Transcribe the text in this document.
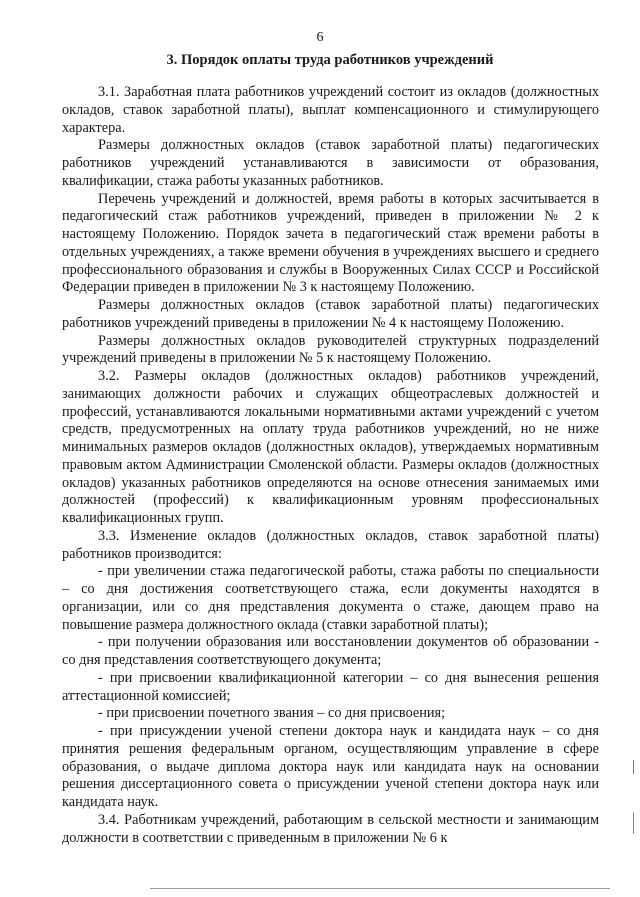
6
3. Порядок оплаты труда работников учреждений

3.1. Заработная плата работников учреждений состоит из окладов (должностных окладов, ставок заработной платы), выплат компенсационного и стимулирующего характера.

Размеры должностных окладов (ставок заработной платы) педагогических работников учреждений устанавливаются в зависимости от образования, квалификации, стажа работы указанных работников.

Перечень учреждений и должностей, время работы в которых засчитывается в педагогический стаж работников учреждений, приведен в приложении № 2 к настоящему Положению. Порядок зачета в педагогический стаж времени работы в отдельных учреждениях, а также времени обучения в учреждениях высшего и среднего профессионального образования и службы в Вооруженных Силах СССР и Российской Федерации приведен в приложении № 3 к настоящему Положению.

Размеры должностных окладов (ставок заработной платы) педагогических работников учреждений приведены в приложении № 4 к настоящему Положению.

Размеры должностных окладов руководителей структурных подразделений учреждений приведены в приложении № 5 к настоящему Положению.

3.2. Размеры окладов (должностных окладов) работников учреждений, занимающих должности рабочих и служащих общеотраслевых должностей и профессий, устанавливаются локальными нормативными актами учреждений с учетом средств, предусмотренных на оплату труда работников учреждений, но не ниже минимальных размеров окладов (должностных окладов), утверждаемых нормативным правовым актом Администрации Смоленской области. Размеры окладов (должностных окладов) указанных работников определяются на основе отнесения занимаемых ими должностей (профессий) к квалификационным уровням профессиональных квалификационных групп.

3.3. Изменение окладов (должностных окладов, ставок заработной платы) работников производится:

- при увеличении стажа педагогической работы, стажа работы по специальности – со дня достижения соответствующего стажа, если документы находятся в организации, или со дня представления документа о стаже, дающем право на повышение размера должностного оклада (ставки заработной платы);

- при получении образования или восстановлении документов об образовании - со дня представления соответствующего документа;

- при присвоении квалификационной категории – со дня вынесения решения аттестационной комиссией;

- при присвоении почетного звания – со дня присвоения;

- при присуждении ученой степени доктора наук и кандидата наук – со дня принятия решения федеральным органом, осуществляющим управление в сфере образования, о выдаче диплома доктора наук или кандидата наук на основании решения диссертационного совета о присуждении ученой степени доктора наук или кандидата наук.

3.4. Работникам учреждений, работающим в сельской местности и занимающим должности в соответствии с приведенным в приложении № 6 к
